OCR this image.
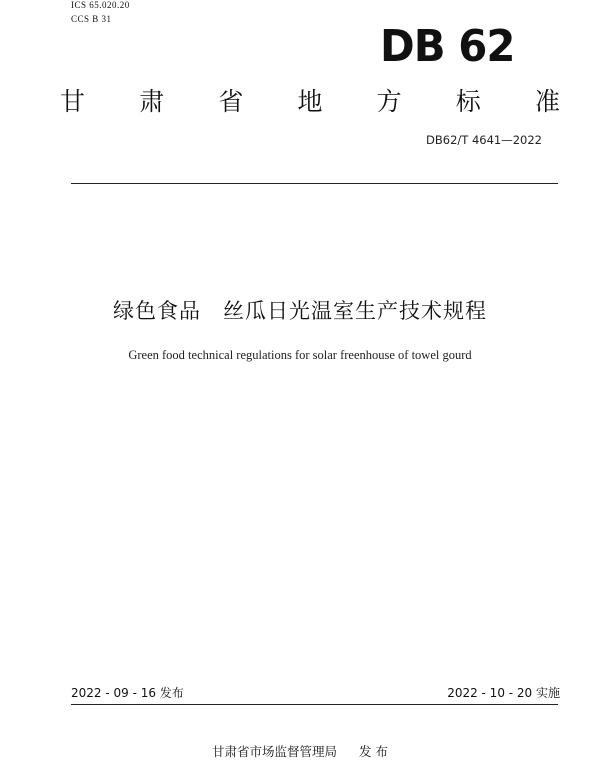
ICS 65.020.20
CCS B 31
DB 62
甘 肃 省 地 方 标 准
DB62/T 4641—2022
绿色食品　丝瓜日光温室生产技术规程
Green food technical regulations for solar freenhouse of towel gourd
2022 - 09 - 16 发布	2022 - 10 - 20 实施
甘肃省市场监督管理局 发 布
